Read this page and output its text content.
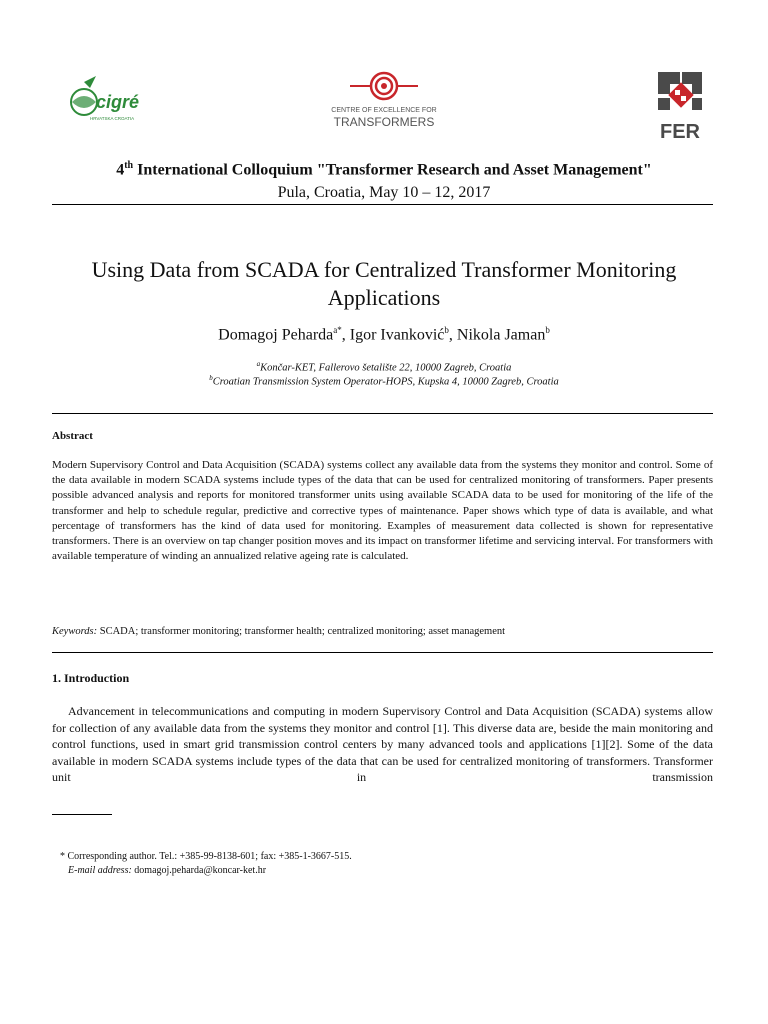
cigré
HRVATSKA CROATIA
CENTRE OF EXCELLENCE FOR
TRANSFORMERS	FER
4th International Colloquium "Transformer Research and Asset Management"
Pula, Croatia, May 10 – 12, 2017
Using Data from SCADA for Centralized Transformer Monitoring
Applications
Domagoj Peharda$^{a*}$, Igor Ivanković$^b$, Nikola Jaman$^b$
$^a$Končar-KET, Fallerovo šetalište 22, 10000 Zagreb, Croatia
$^b$Croatian Transmission System Operator-HOPS, Kupska 4, 10000 Zagreb, Croatia
Abstract
Modern Supervisory Control and Data Acquisition (SCADA) systems collect any available data from the systems they monitor and control. Some of the data available in modern SCADA systems include types of the data that can be used for centralized monitoring of transformers. Paper presents possible advanced analysis and reports for monitored transformer units using available SCADA data to be used for monitoring of the life of the transformer and help to schedule regular, predictive and corrective types of maintenance. Paper shows which type of data is available, and what percentage of transformers has the kind of data used for monitoring. Examples of measurement data collected is shown for representative transformers. There is an overview on tap changer position moves and its impact on transformer lifetime and servicing interval. For transformers with available temperature of winding an annualized relative ageing rate is calculated.
Keywords: SCADA; transformer monitoring; transformer health; centralized monitoring; asset management
1. Introduction
Advancement in telecommunications and computing in modern Supervisory Control and Data Acquisition (SCADA) systems allow for collection of any available data from the systems they monitor and control [1]. This diverse data are, beside the main monitoring and control functions, used in smart grid transmission control centers by many advanced tools and applications [1][2]. Some of the data available in modern SCADA systems include types of the data that can be used for centralized monitoring of transformers. Transformer unit in transmission
* Corresponding author. Tel.: +385-99-8138-601; fax: +385-1-3667-515.
E-mail address: domagoj.peharda@koncar-ket.hr
